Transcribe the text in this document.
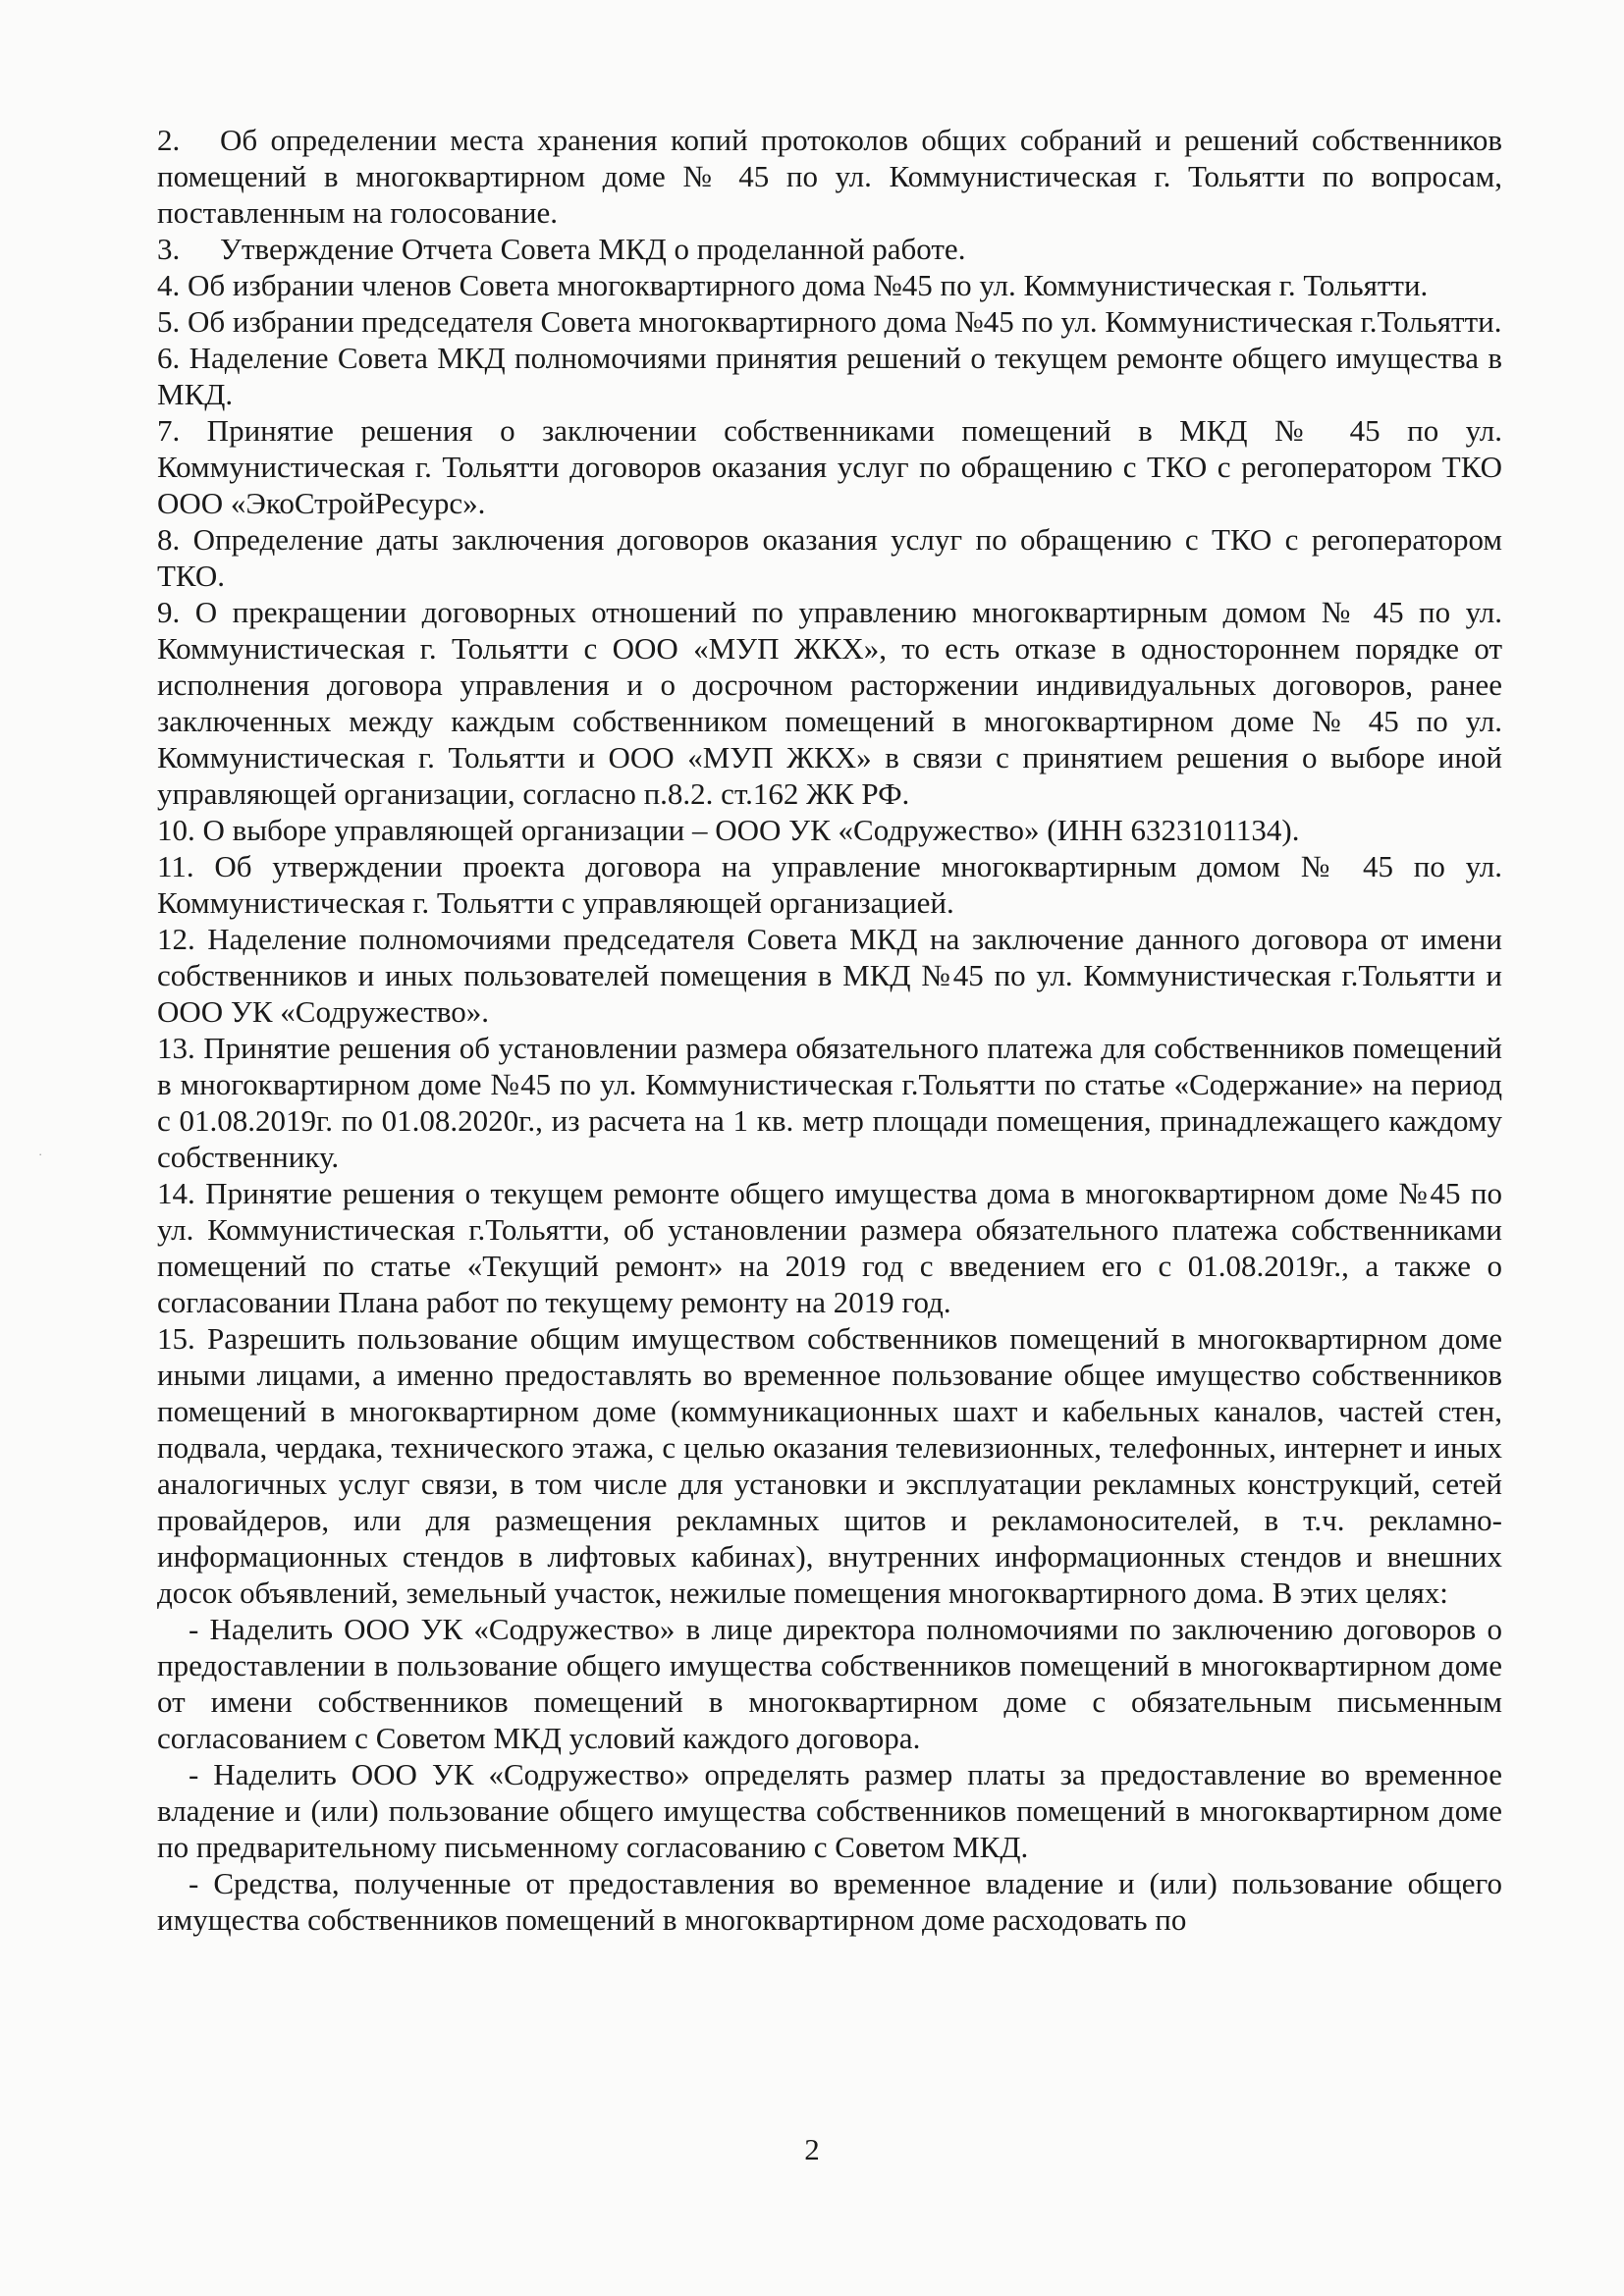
2. Об определении места хранения копий протоколов общих собраний и решений собственников помещений в многоквартирном доме № 45 по ул. Коммунистическая г. Тольятти по вопросам, поставленным на голосование.

3. Утверждение Отчета Совета МКД о проделанной работе.

4. Об избрании членов Совета многоквартирного дома №45 по ул. Коммунистическая г. Тольятти.

5. Об избрании председателя Совета многоквартирного дома №45 по ул. Коммунистическая г.Тольятти.

6. Наделение Совета МКД полномочиями принятия решений о текущем ремонте общего имущества в МКД.

7. Принятие решения о заключении собственниками помещений в МКД № 45 по ул. Коммунистическая г. Тольятти договоров оказания услуг по обращению с ТКО с регоператором ТКО ООО «ЭкоСтройРесурс».

8. Определение даты заключения договоров оказания услуг по обращению с ТКО с регоператором ТКО.

9. О прекращении договорных отношений по управлению многоквартирным домом № 45 по ул. Коммунистическая г. Тольятти с ООО «МУП ЖКХ», то есть отказе в одностороннем порядке от исполнения договора управления и о досрочном расторжении индивидуальных договоров, ранее заключенных между каждым собственником помещений в многоквартирном доме № 45 по ул. Коммунистическая г. Тольятти и ООО «МУП ЖКХ» в связи с принятием решения о выборе иной управляющей организации, согласно п.8.2. ст.162 ЖК РФ.

10. О выборе управляющей организации – ООО УК «Содружество» (ИНН 6323101134).

11. Об утверждении проекта договора на управление многоквартирным домом № 45 по ул. Коммунистическая г. Тольятти с управляющей организацией.

12. Наделение полномочиями председателя Совета МКД на заключение данного договора от имени собственников и иных пользователей помещения в МКД №45 по ул. Коммунистическая г.Тольятти и ООО УК «Содружество».

13. Принятие решения об установлении размера обязательного платежа для собственников помещений в многоквартирном доме №45 по ул. Коммунистическая г.Тольятти по статье «Содержание» на период с 01.08.2019г. по 01.08.2020г., из расчета на 1 кв. метр площади помещения, принадлежащего каждому собственнику.

14. Принятие решения о текущем ремонте общего имущества дома в многоквартирном доме №45 по ул. Коммунистическая г.Тольятти, об установлении размера обязательного платежа собственниками помещений по статье «Текущий ремонт» на 2019 год с введением его с 01.08.2019г., а также о согласовании Плана работ по текущему ремонту на 2019 год.

15. Разрешить пользование общим имуществом собственников помещений в многоквартирном доме иными лицами, а именно предоставлять во временное пользование общее имущество собственников помещений в многоквартирном доме (коммуникационных шахт и кабельных каналов, частей стен, подвала, чердака, технического этажа, с целью оказания телевизионных, телефонных, интернет и иных аналогичных услуг связи, в том числе для установки и эксплуатации рекламных конструкций, сетей провайдеров, или для размещения рекламных щитов и рекламоносителей, в т.ч. рекламно-информационных стендов в лифтовых кабинах), внутренних информационных стендов и внешних досок объявлений, земельный участок, нежилые помещения многоквартирного дома. В этих целях:

- Наделить ООО УК «Содружество» в лице директора полномочиями по заключению договоров о предоставлении в пользование общего имущества собственников помещений в многоквартирном доме от имени собственников помещений в многоквартирном доме с обязательным письменным согласованием с Советом МКД условий каждого договора.

- Наделить ООО УК «Содружество» определять размер платы за предоставление во временное владение и (или) пользование общего имущества собственников помещений в многоквартирном доме по предварительному письменному согласованию с Советом МКД.

- Средства, полученные от предоставления во временное владение и (или) пользование общего имущества собственников помещений в многоквартирном доме расходовать по

2
·
